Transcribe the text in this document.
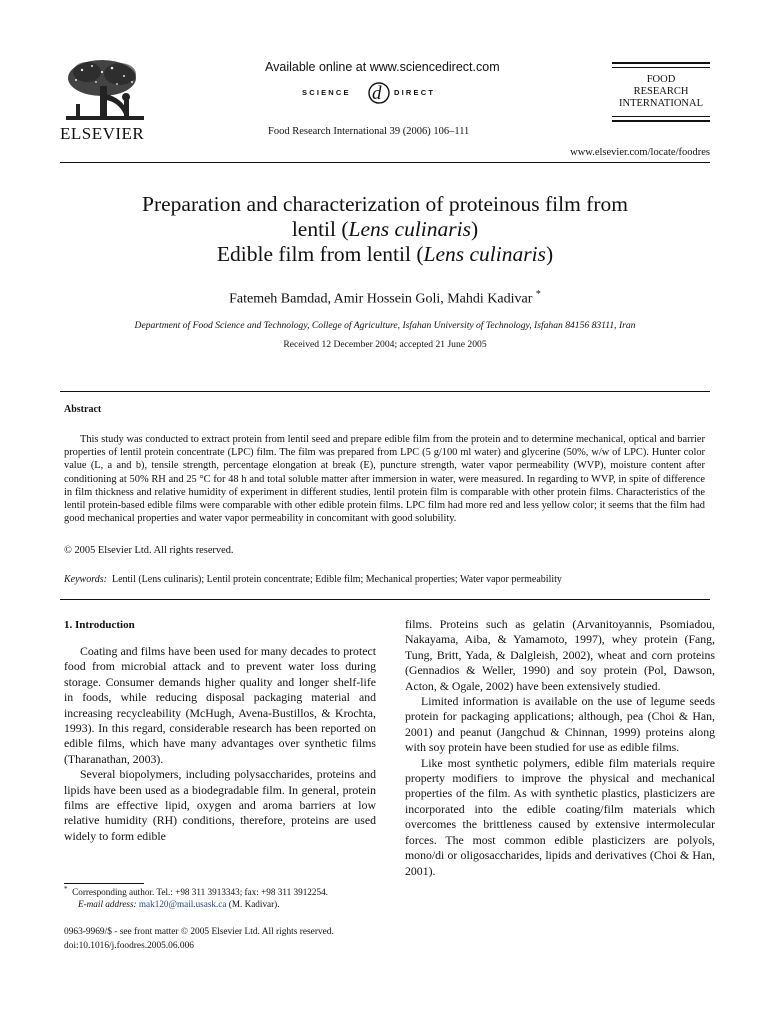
ELSEVIER
Available online at www.sciencedirect.com
SCIENCE d DIRECT
Food Research International 39 (2006) 106–111
FOOD
RESEARCH
INTERNATIONAL
www.elsevier.com/locate/foodres
Preparation and characterization of proteinous film from
lentil (Lens culinaris)
Edible film from lentil (Lens culinaris)
Fatemeh Bamdad, Amir Hossein Goli, Mahdi Kadivar *
Department of Food Science and Technology, College of Agriculture, Isfahan University of Technology, Isfahan 84156 83111, Iran
Received 12 December 2004; accepted 21 June 2005
Abstract
This study was conducted to extract protein from lentil seed and prepare edible film from the protein and to determine mechanical, optical and barrier properties of lentil protein concentrate (LPC) film. The film was prepared from LPC (5 g/100 ml water) and glycerine (50%, w/w of LPC). Hunter color value (L, a and b), tensile strength, percentage elongation at break (E), puncture strength, water vapor permeability (WVP), moisture content after conditioning at 50% RH and 25 °C for 48 h and total soluble matter after immersion in water, were measured. In regarding to WVP, in spite of difference in film thickness and relative humidity of experiment in different studies, lentil protein film is comparable with other protein films. Characteristics of the lentil protein-based edible films were comparable with other edible protein films. LPC film had more red and less yellow color; it seems that the film had good mechanical properties and water vapor permeability in concomitant with good solubility.
© 2005 Elsevier Ltd. All rights reserved.
Keywords: Lentil (Lens culinaris); Lentil protein concentrate; Edible film; Mechanical properties; Water vapor permeability
1. Introduction

Coating and films have been used for many decades to protect food from microbial attack and to prevent water loss during storage. Consumer demands higher quality and longer shelf-life in foods, while reducing disposal packaging material and increasing recycleability (McHugh, Avena-Bustillos, & Krochta, 1993). In this regard, considerable research has been reported on edible films, which have many advantages over synthetic films (Tharanathan, 2003).

Several biopolymers, including polysaccharides, proteins and lipids have been used as a biodegradable film. In general, protein films are effective lipid, oxygen and aroma barriers at low relative humidity (RH) conditions, therefore, proteins are used widely to form edible

films. Proteins such as gelatin (Arvanitoyannis, Psomiadou, Nakayama, Aiba, & Yamamoto, 1997), whey protein (Fang, Tung, Britt, Yada, & Dalgleish, 2002), wheat and corn proteins (Gennadios & Weller, 1990) and soy protein (Pol, Dawson, Acton, & Ogale, 2002) have been extensively studied.

Limited information is available on the use of legume seeds protein for packaging applications; although, pea (Choi & Han, 2001) and peanut (Jangchud & Chinnan, 1999) proteins along with soy protein have been studied for use as edible films.

Like most synthetic polymers, edible film materials require property modifiers to improve the physical and mechanical properties of the film. As with synthetic plastics, plasticizers are incorporated into the edible coating/film materials which overcomes the brittleness caused by extensive intermolecular forces. The most common edible plasticizers are polyols, mono/di or oligosaccharides, lipids and derivatives (Choi & Han, 2001).

* Corresponding author. Tel.: +98 311 3913343; fax: +98 311 3912254.
E-mail address: mak120@mail.usask.ca (M. Kadivar).
0963-9969/$ - see front matter © 2005 Elsevier Ltd. All rights reserved.
doi:10.1016/j.foodres.2005.06.006
